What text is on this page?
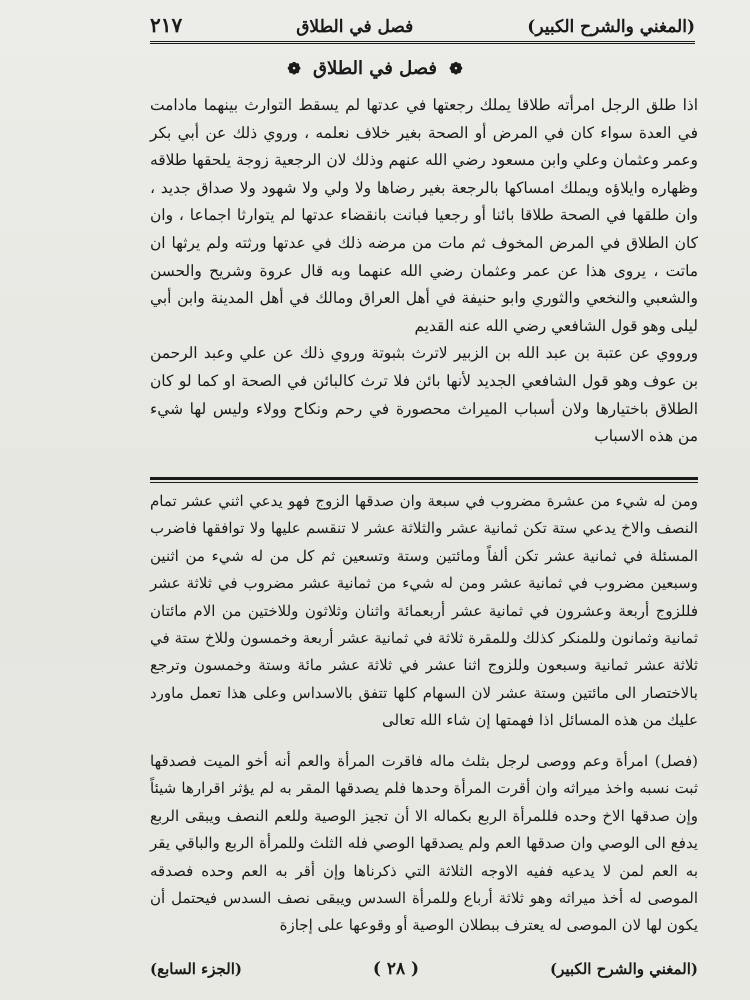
(المغني والشرح الكبير)
فصل في الطلاق
٢١٧
❁ فصل في الطلاق ❁

اذا طلق الرجل امرأته طلاقا يملك رجعتها في عدتها لم يسقط التوارث بينهما مادامت في العدة سواء كان في المرض أو الصحة بغير خلاف نعلمه ، وروي ذلك عن أبي بكر وعمر وعثمان وعلي وابن مسعود رضي الله عنهم وذلك لان الرجعية زوجة يلحقها طلاقه وظهاره وايلاؤه ويملك امساكها بالرجعة بغير رضاها ولا ولي ولا شهود ولا صداق جديد ، وان طلقها في الصحة طلاقا بائنا أو رجعيا فبانت بانقضاء عدتها لم يتوارثا اجماعا ، وان كان الطلاق في المرض المخوف ثم مات من مرضه ذلك في عدتها ورثته ولم يرثها ان ماتت ، يروى هذا عن عمر وعثمان رضي الله عنهما وبه قال عروة وشريح والحسن والشعبي والنخعي والثوري وابو حنيفة في أهل العراق ومالك في أهل المدينة وابن أبي ليلى وهو قول الشافعي رضي الله عنه القديم

ورووي عن عتبة بن عبد الله بن الزبير لاترث بثبوتة وروي ذلك عن علي وعبد الرحمن بن عوف وهو قول الشافعي الجديد لأنها بائن فلا ترث كالبائن في الصحة او كما لو كان الطلاق باختيارها ولان أسباب الميراث محصورة في رحم ونكاح وولاء وليس لها شيء من هذه الاسباب

ومن له شيء من عشرة مضروب في سبعة وان صدقها الزوج فهو يدعي اثني عشر تمام النصف والاخ يدعي ستة تكن ثمانية عشر والثلاثة عشر لا تنقسم عليها ولا توافقها فاضرب المسئلة في ثمانية عشر تكن ألفاً ومائتين وستة وتسعين ثم كل من له شيء من اثنين وسبعين مضروب في ثمانية عشر ومن له شيء من ثمانية عشر مضروب في ثلاثة عشر فللزوج أربعة وعشرون في ثمانية عشر أربعمائة واثنان وثلاثون وللاختين من الام مائتان ثمانية وثمانون وللمنكر كذلك وللمقرة ثلاثة في ثمانية عشر أربعة وخمسون وللاخ ستة في ثلاثة عشر ثمانية وسبعون وللزوج اثنا عشر في ثلاثة عشر مائة وستة وخمسون وترجع بالاختصار الى مائتين وستة عشر لان السهام كلها تتفق بالاسداس وعلى هذا تعمل ماورد عليك من هذه المسائل اذا فهمتها إن شاء الله تعالى

(فصل) امرأة وعم ووصى لرجل بثلث ماله فاقرت المرأة والعم أنه أخو الميت فصدقها ثبت نسبه واخذ ميراثه وان أقرت المرأة وحدها فلم يصدقها المقر به لم يؤثر اقرارها شيئاً وإن صدقها الاخ وحده فللمرأة الربع بكماله الا أن تجيز الوصية وللعم النصف ويبقى الربع يدفع الى الوصي وان صدقها العم ولم يصدقها الوصي فله الثلث وللمرأة الربع والباقي يقر به العم لمن لا يدعيه ففيه الاوجه الثلاثة التي ذكرناها وإن أقر به العم وحده فصدقه الموصى له أخذ ميراثه وهو ثلاثة أرباع وللمرأة السدس ويبقى نصف السدس فيحتمل أن يكون لها لان الموصى له يعترف ببطلان الوصية أو وقوعها على إجازة

(المغني والشرح الكبير)
( ٢٨ )
(الجزء السابع)
